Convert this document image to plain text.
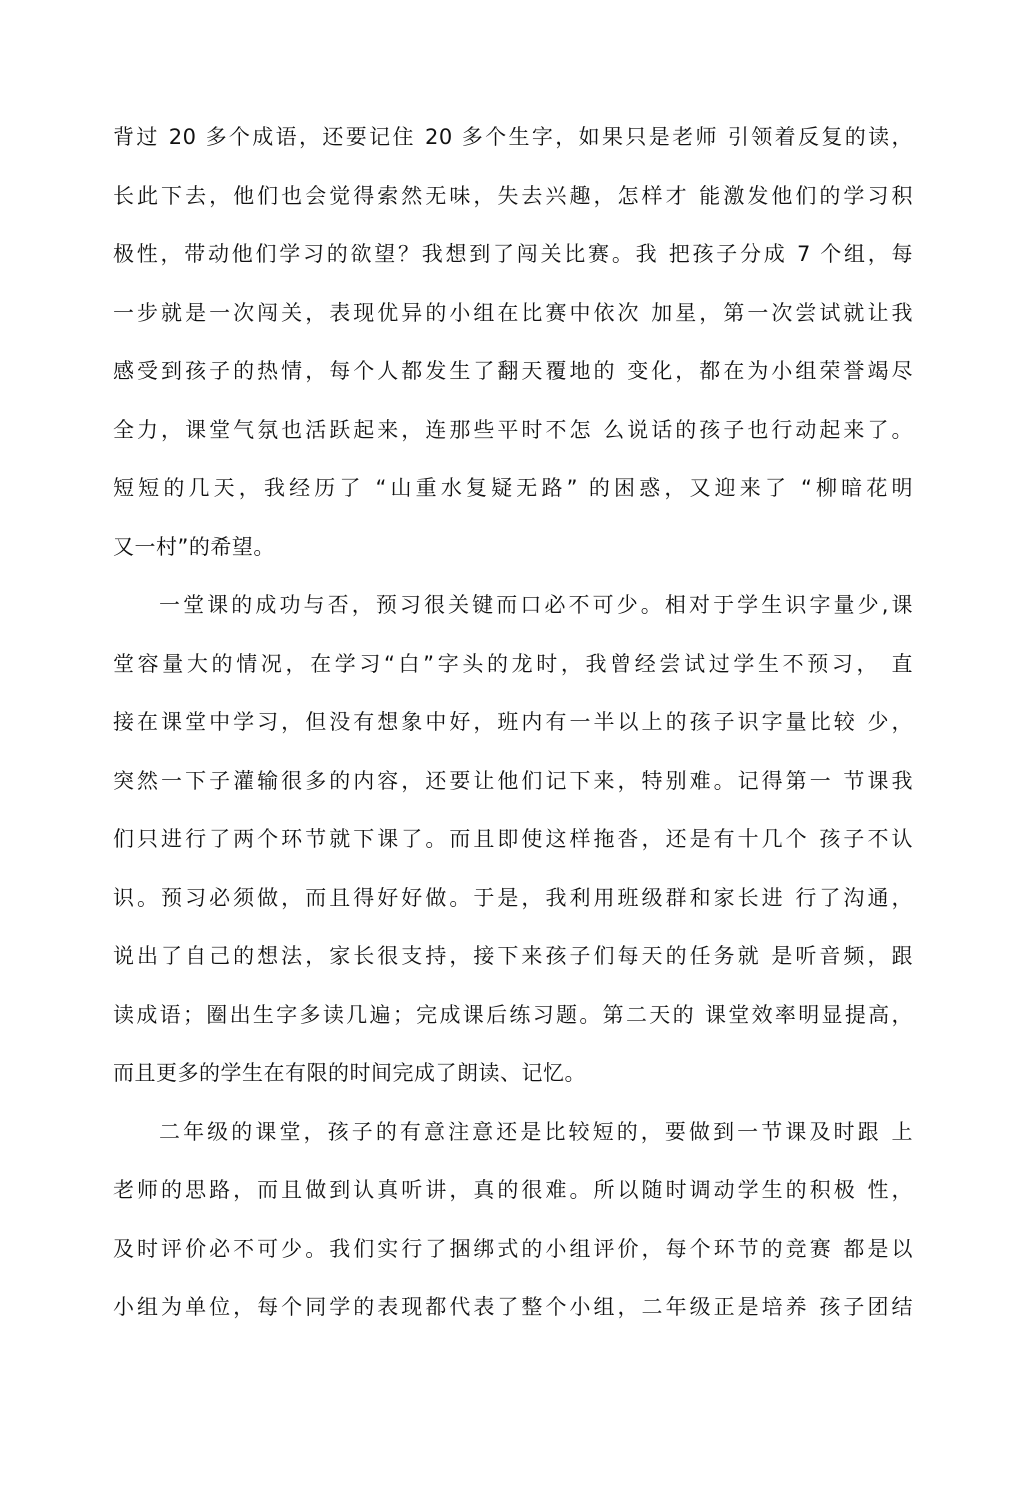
背过 20 多个成语，还要记住 20 多个生字，如果只是老师 引领着反复的读，
长此下去，他们也会觉得索然无味，失去兴趣，怎样才 能激发他们的学习积
极性，带动他们学习的欲望？我想到了闯关比赛。我 把孩子分成 7 个组，每
一步就是一次闯关，表现优异的小组在比赛中依次 加星，第一次尝试就让我
感受到孩子的热情，每个人都发生了翻天覆地的 变化，都在为小组荣誉竭尽
全力，课堂气氛也活跃起来，连那些平时不怎 么说话的孩子也行动起来了。
短短的几天，我经历了 “山重水复疑无路” 的困惑，又迎来了 “柳暗花明
又一村”的希望。
一堂课的成功与否，预习很关键而口必不可少。相对于学生识字量少,课
堂容量大的情况，在学习“白”字头的龙时，我曾经尝试过学生不预习， 直
接在课堂中学习，但没有想象中好，班内有一半以上的孩子识字量比较 少，
突然一下子灌输很多的内容，还要让他们记下来，特别难。记得第一 节课我
们只进行了两个环节就下课了。而且即使这样拖沓，还是有十几个 孩子不认
识。预习必须做，而且得好好做。于是，我利用班级群和家长进 行了沟通，
说出了自己的想法，家长很支持，接下来孩子们每天的任务就 是听音频，跟
读成语；圈出生字多读几遍；完成课后练习题。第二天的 课堂效率明显提高，
而且更多的学生在有限的时间完成了朗读、记忆。
二年级的课堂，孩子的有意注意还是比较短的，要做到一节课及时跟 上
老师的思路，而且做到认真听讲，真的很难。所以随时调动学生的积极 性，
及时评价必不可少。我们实行了捆绑式的小组评价，每个环节的竞赛 都是以
小组为单位，每个同学的表现都代表了整个小组，二年级正是培养 孩子团结
